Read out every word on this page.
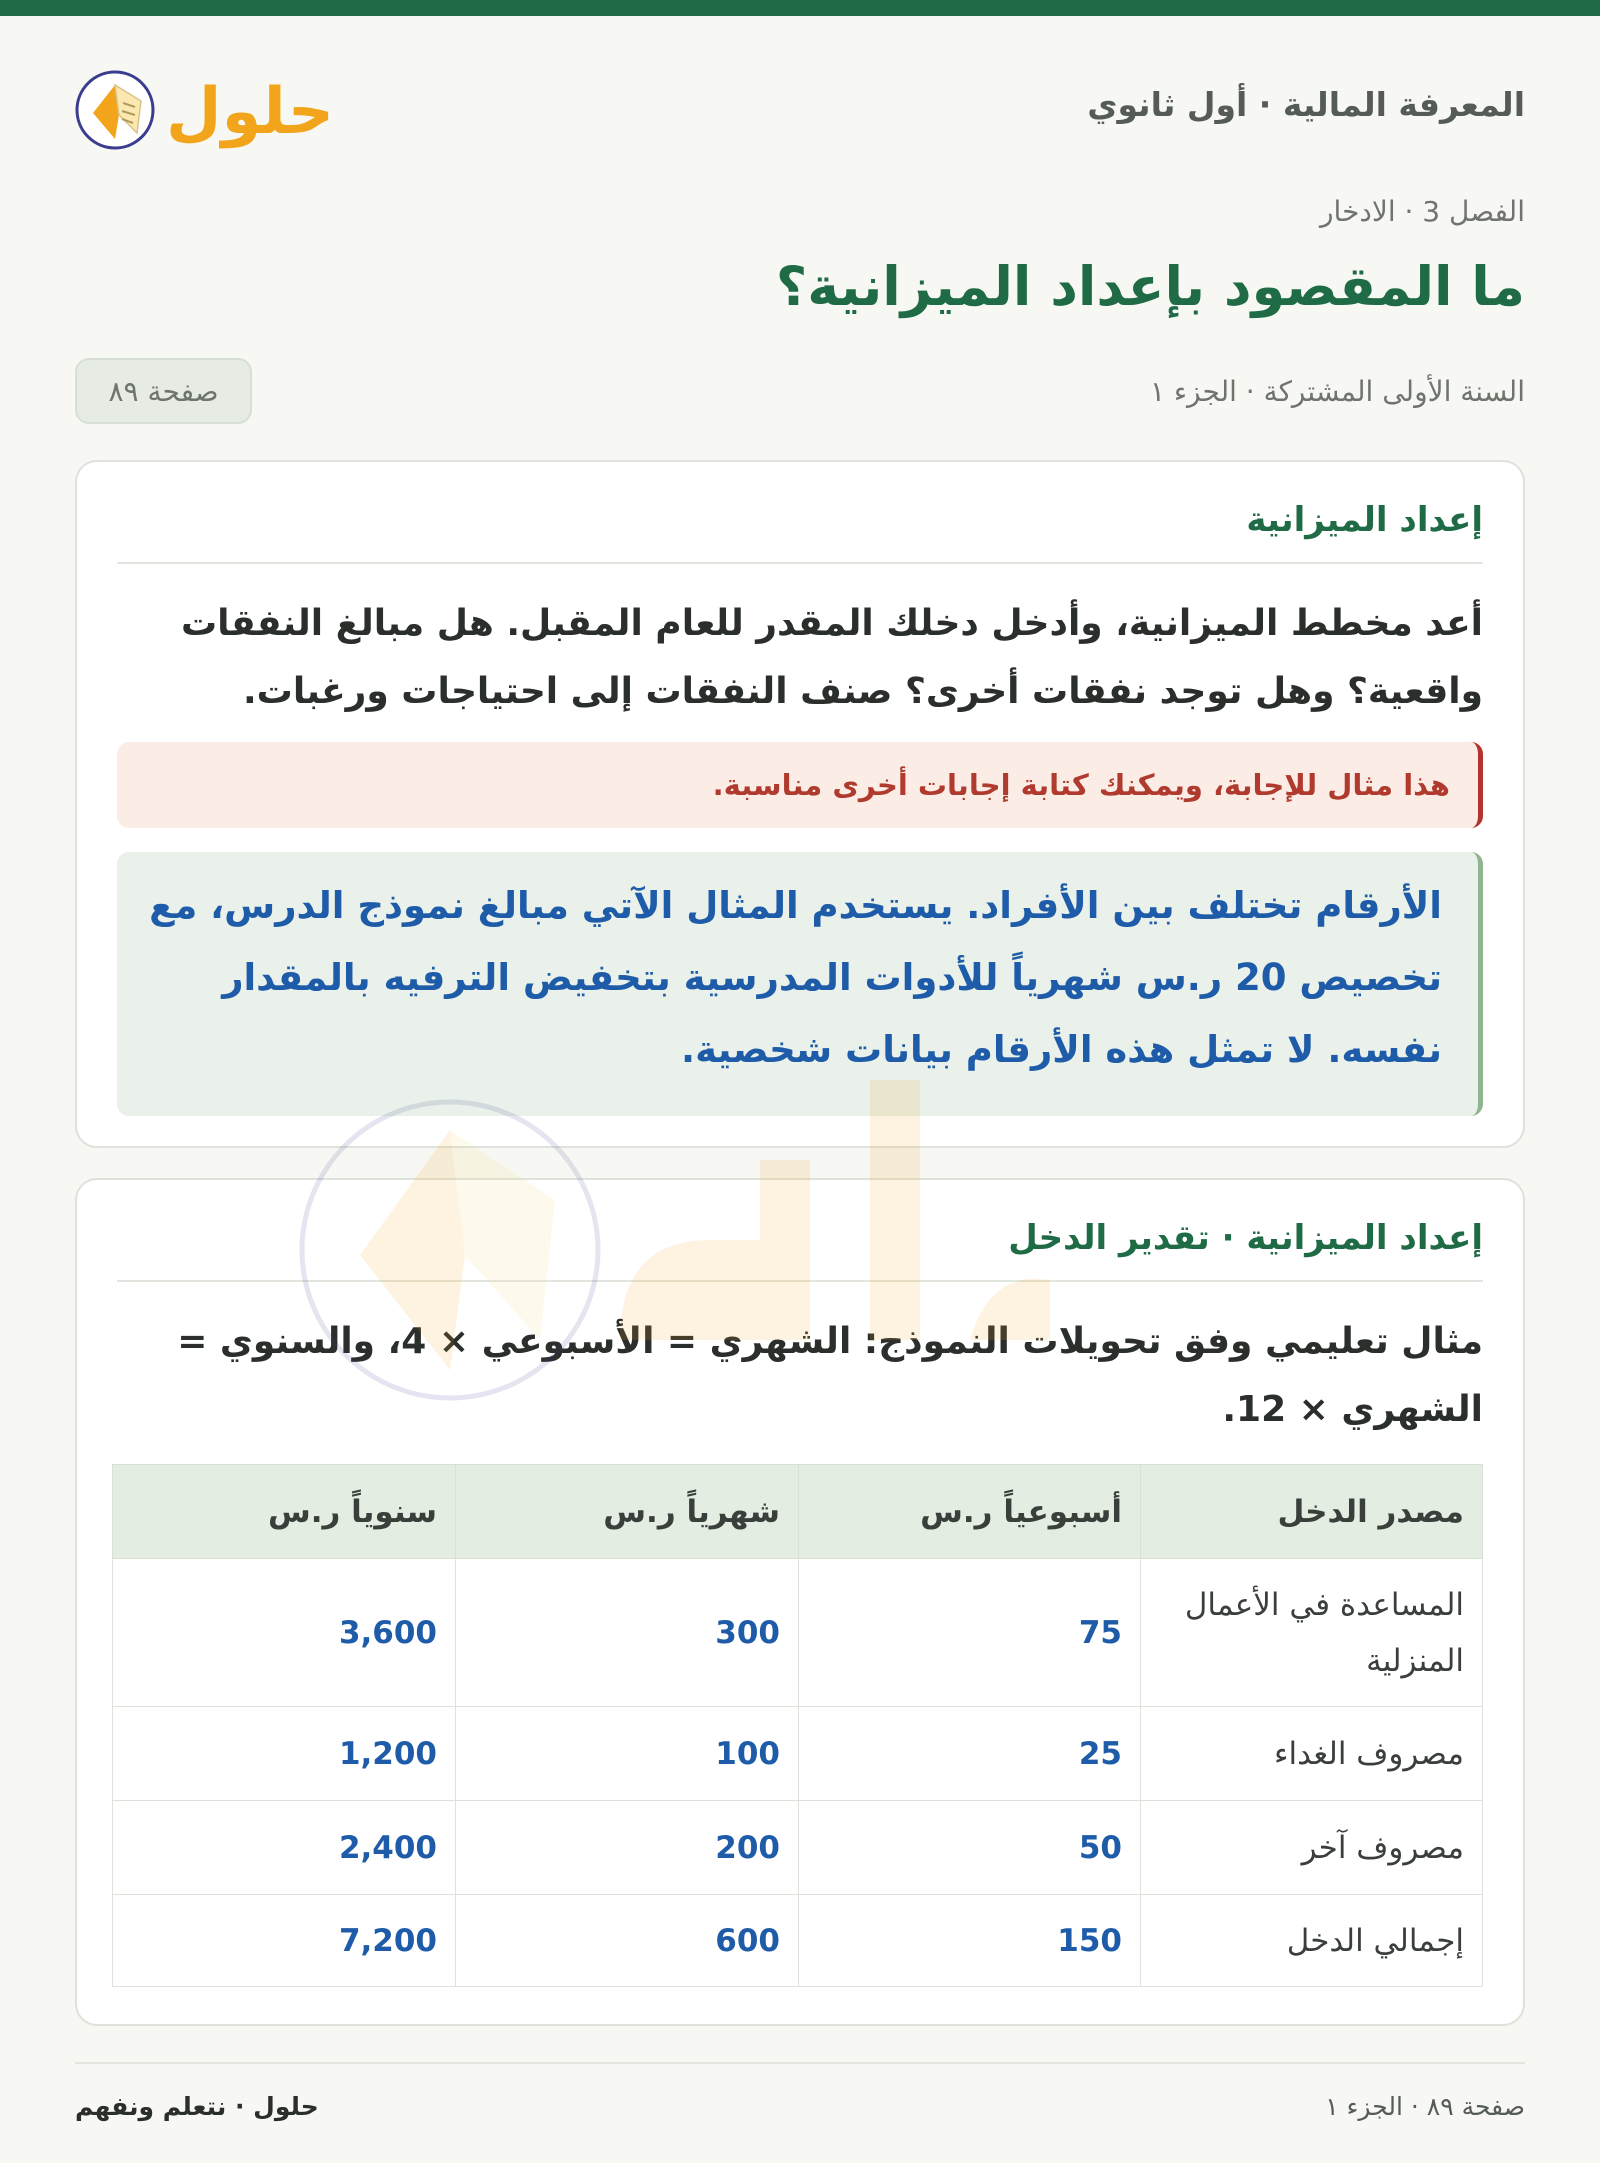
المعرفة المالية · أول ثانوي
حلول
الفصل 3 · الادخار
ما المقصود بإعداد الميزانية؟
السنة الأولى المشتركة · الجزء ١
صفحة ٨٩
إعداد الميزانية

أعد مخطط الميزانية، وأدخل دخلك المقدر للعام المقبل. هل مبالغ النفقات واقعية؟ وهل توجد نفقات أخرى؟ صنف النفقات إلى احتياجات ورغبات.

هذا مثال للإجابة، ويمكنك كتابة إجابات أخرى مناسبة.
الأرقام تختلف بين الأفراد. يستخدم المثال الآتي مبالغ نموذج الدرس، مع تخصيص 20 ر.س شهرياً للأدوات المدرسية بتخفيض الترفيه بالمقدار نفسه. لا تمثل هذه الأرقام بيانات شخصية.
إعداد الميزانية · تقدير الدخل

مثال تعليمي وفق تحويلات النموذج: الشهري = الأسبوعي × 4، والسنوي = الشهري × 12.

مصدر الدخل	أسبوعياً ر.س	شهرياً ر.س	سنوياً ر.س
المساعدة في الأعمال المنزلية	75	300	3,600
مصروف الغداء	25	100	1,200
مصروف آخر	50	200	2,400
إجمالي الدخل	150	600	7,200
صفحة ٨٩ · الجزء ١
حلول · نتعلم ونفهم
